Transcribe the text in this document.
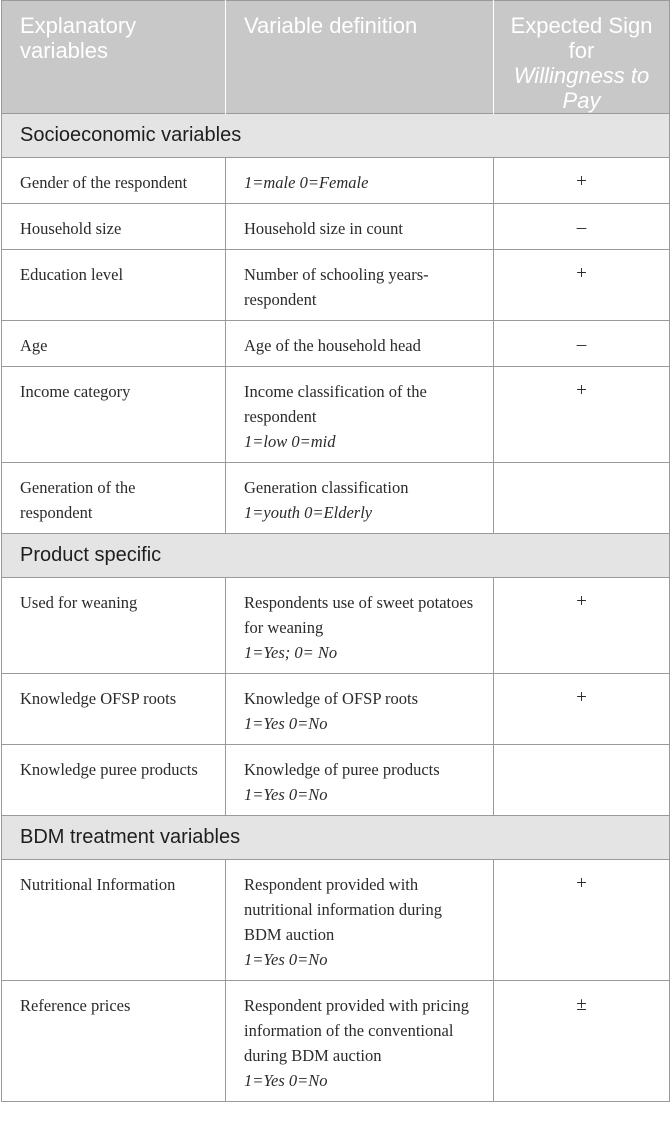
Explanatory variables	Variable definition	Expected Sign for
Willingness to Pay

Socioeconomic variables		
Gender of the respondent	1=male 0=Female	+
Household size	Household size in count	–
Education level	Number of schooling years-respondent	+
Age	Age of the household head	–
Income category	Income classification of the respondent
1=low 0=mid	+
Generation of the respondent	Generation classification
1=youth 0=Elderly	

Product specific		
Used for weaning	Respondents use of sweet potatoes for weaning
1=Yes; 0= No	+
Knowledge OFSP roots	Knowledge of OFSP roots
1=Yes 0=No	+
Knowledge puree products	Knowledge of puree products
1=Yes 0=No	

BDM treatment variables		
Nutritional Information	Respondent provided with nutritional information during BDM auction
1=Yes 0=No	+
Reference prices	Respondent provided with pricing information of the conventional during BDM auction
1=Yes 0=No	±
